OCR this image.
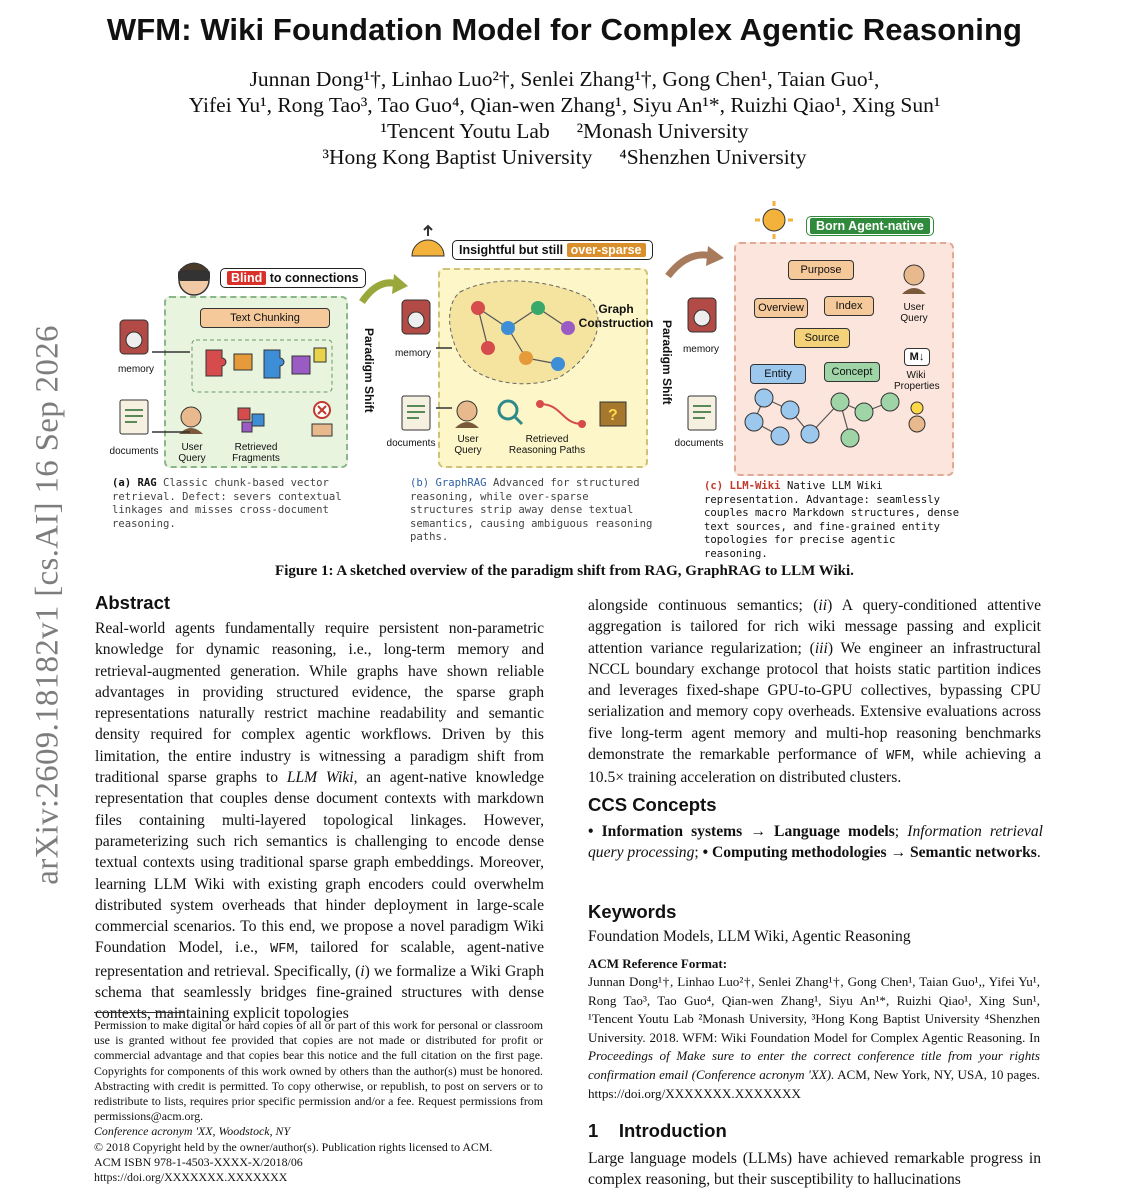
WFM: Wiki Foundation Model for Complex Agentic Reasoning
Junnan Dong¹†, Linhao Luo²†, Senlei Zhang¹†, Gong Chen¹, Taian Guo¹,
Yifei Yu¹, Rong Tao³, Tao Guo⁴, Qian-wen Zhang¹, Siyu An¹*, Ruizhi Qiao¹, Xing Sun¹
¹Tencent Youtu Lab     ²Monash University
³Hong Kong Baptist University     ⁴Shenzhen University
arXiv:2609.18182v1 [cs.AI] 16 Sep 2026
Blind to connections
Text Chunking
memory
documents	User
Query
Retrieved
Fragments
(a) RAG Classic chunk-based vector retrieval. Defect: severs contextual linkages and misses cross-document reasoning.
Paradigm Shift
Insightful but still over-sparse
Graph
Construction
memory
documents	User
Query
?
Retrieved
Reasoning Paths
(b) GraphRAG Advanced for structured reasoning, while over-sparse structures strip away dense textual semantics, causing ambiguous reasoning paths.
Paradigm Shift
Born Agent-native
Purpose
Overview	Index
Source
Entity	Concept
User
Query
M↓
Wiki
Properties
memory
documents
(c) LLM-Wiki Native LLM Wiki representation. Advantage: seamlessly couples macro Markdown structures, dense text sources, and fine-grained entity topologies for precise agentic reasoning.
Figure 1: A sketched overview of the paradigm shift from RAG, GraphRAG to LLM Wiki.
Abstract
Real-world agents fundamentally require persistent non-parametric knowledge for dynamic reasoning, i.e., long-term memory and retrieval-augmented generation. While graphs have shown reliable advantages in providing structured evidence, the sparse graph representations naturally restrict machine readability and semantic density required for complex agentic workflows. Driven by this limitation, the entire industry is witnessing a paradigm shift from traditional sparse graphs to LLM Wiki, an agent-native knowledge representation that couples dense document contexts with markdown files containing multi-layered topological linkages. However, parameterizing such rich semantics is challenging to encode dense textual contexts using traditional sparse graph embeddings. Moreover, learning LLM Wiki with existing graph encoders could overwhelm distributed system overheads that hinder deployment in large-scale commercial scenarios. To this end, we propose a novel paradigm Wiki Foundation Model, i.e., WFM, tailored for scalable, agent-native representation and retrieval. Specifically, (i) we formalize a Wiki Graph schema that seamlessly bridges fine-grained structures with dense contexts, maintaining explicit topologies
Permission to make digital or hard copies of all or part of this work for personal or classroom use is granted without fee provided that copies are not made or distributed for profit or commercial advantage and that copies bear this notice and the full citation on the first page. Copyrights for components of this work owned by others than the author(s) must be honored. Abstracting with credit is permitted. To copy otherwise, or republish, to post on servers or to redistribute to lists, requires prior specific permission and/or a fee. Request permissions from permissions@acm.org.
Conference acronym 'XX, Woodstock, NY
© 2018 Copyright held by the owner/author(s). Publication rights licensed to ACM.
ACM ISBN 978-1-4503-XXXX-X/2018/06
https://doi.org/XXXXXXX.XXXXXXX
alongside continuous semantics; (ii) A query-conditioned attentive aggregation is tailored for rich wiki message passing and explicit attention variance regularization; (iii) We engineer an infrastructural NCCL boundary exchange protocol that hoists static partition indices and leverages fixed-shape GPU-to-GPU collectives, bypassing CPU serialization and memory copy overheads. Extensive evaluations across five long-term agent memory and multi-hop reasoning benchmarks demonstrate the remarkable performance of WFM, while achieving a 10.5× training acceleration on distributed clusters.
CCS Concepts
• Information systems → Language models; Information retrieval query processing; • Computing methodologies → Semantic networks.
Keywords
Foundation Models, LLM Wiki, Agentic Reasoning
ACM Reference Format:
Junnan Dong¹†, Linhao Luo²†, Senlei Zhang¹†, Gong Chen¹, Taian Guo¹,, Yifei Yu¹, Rong Tao³, Tao Guo⁴, Qian-wen Zhang¹, Siyu An¹*, Ruizhi Qiao¹, Xing Sun¹, ¹Tencent Youtu Lab ²Monash University, ³Hong Kong Baptist University ⁴Shenzhen University. 2018. WFM: Wiki Foundation Model for Complex Agentic Reasoning. In Proceedings of Make sure to enter the correct conference title from your rights confirmation email (Conference acronym 'XX). ACM, New York, NY, USA, 10 pages. https://doi.org/XXXXXXX.XXXXXXX
1    Introduction
Large language models (LLMs) have achieved remarkable progress in complex reasoning, but their susceptibility to hallucinations
